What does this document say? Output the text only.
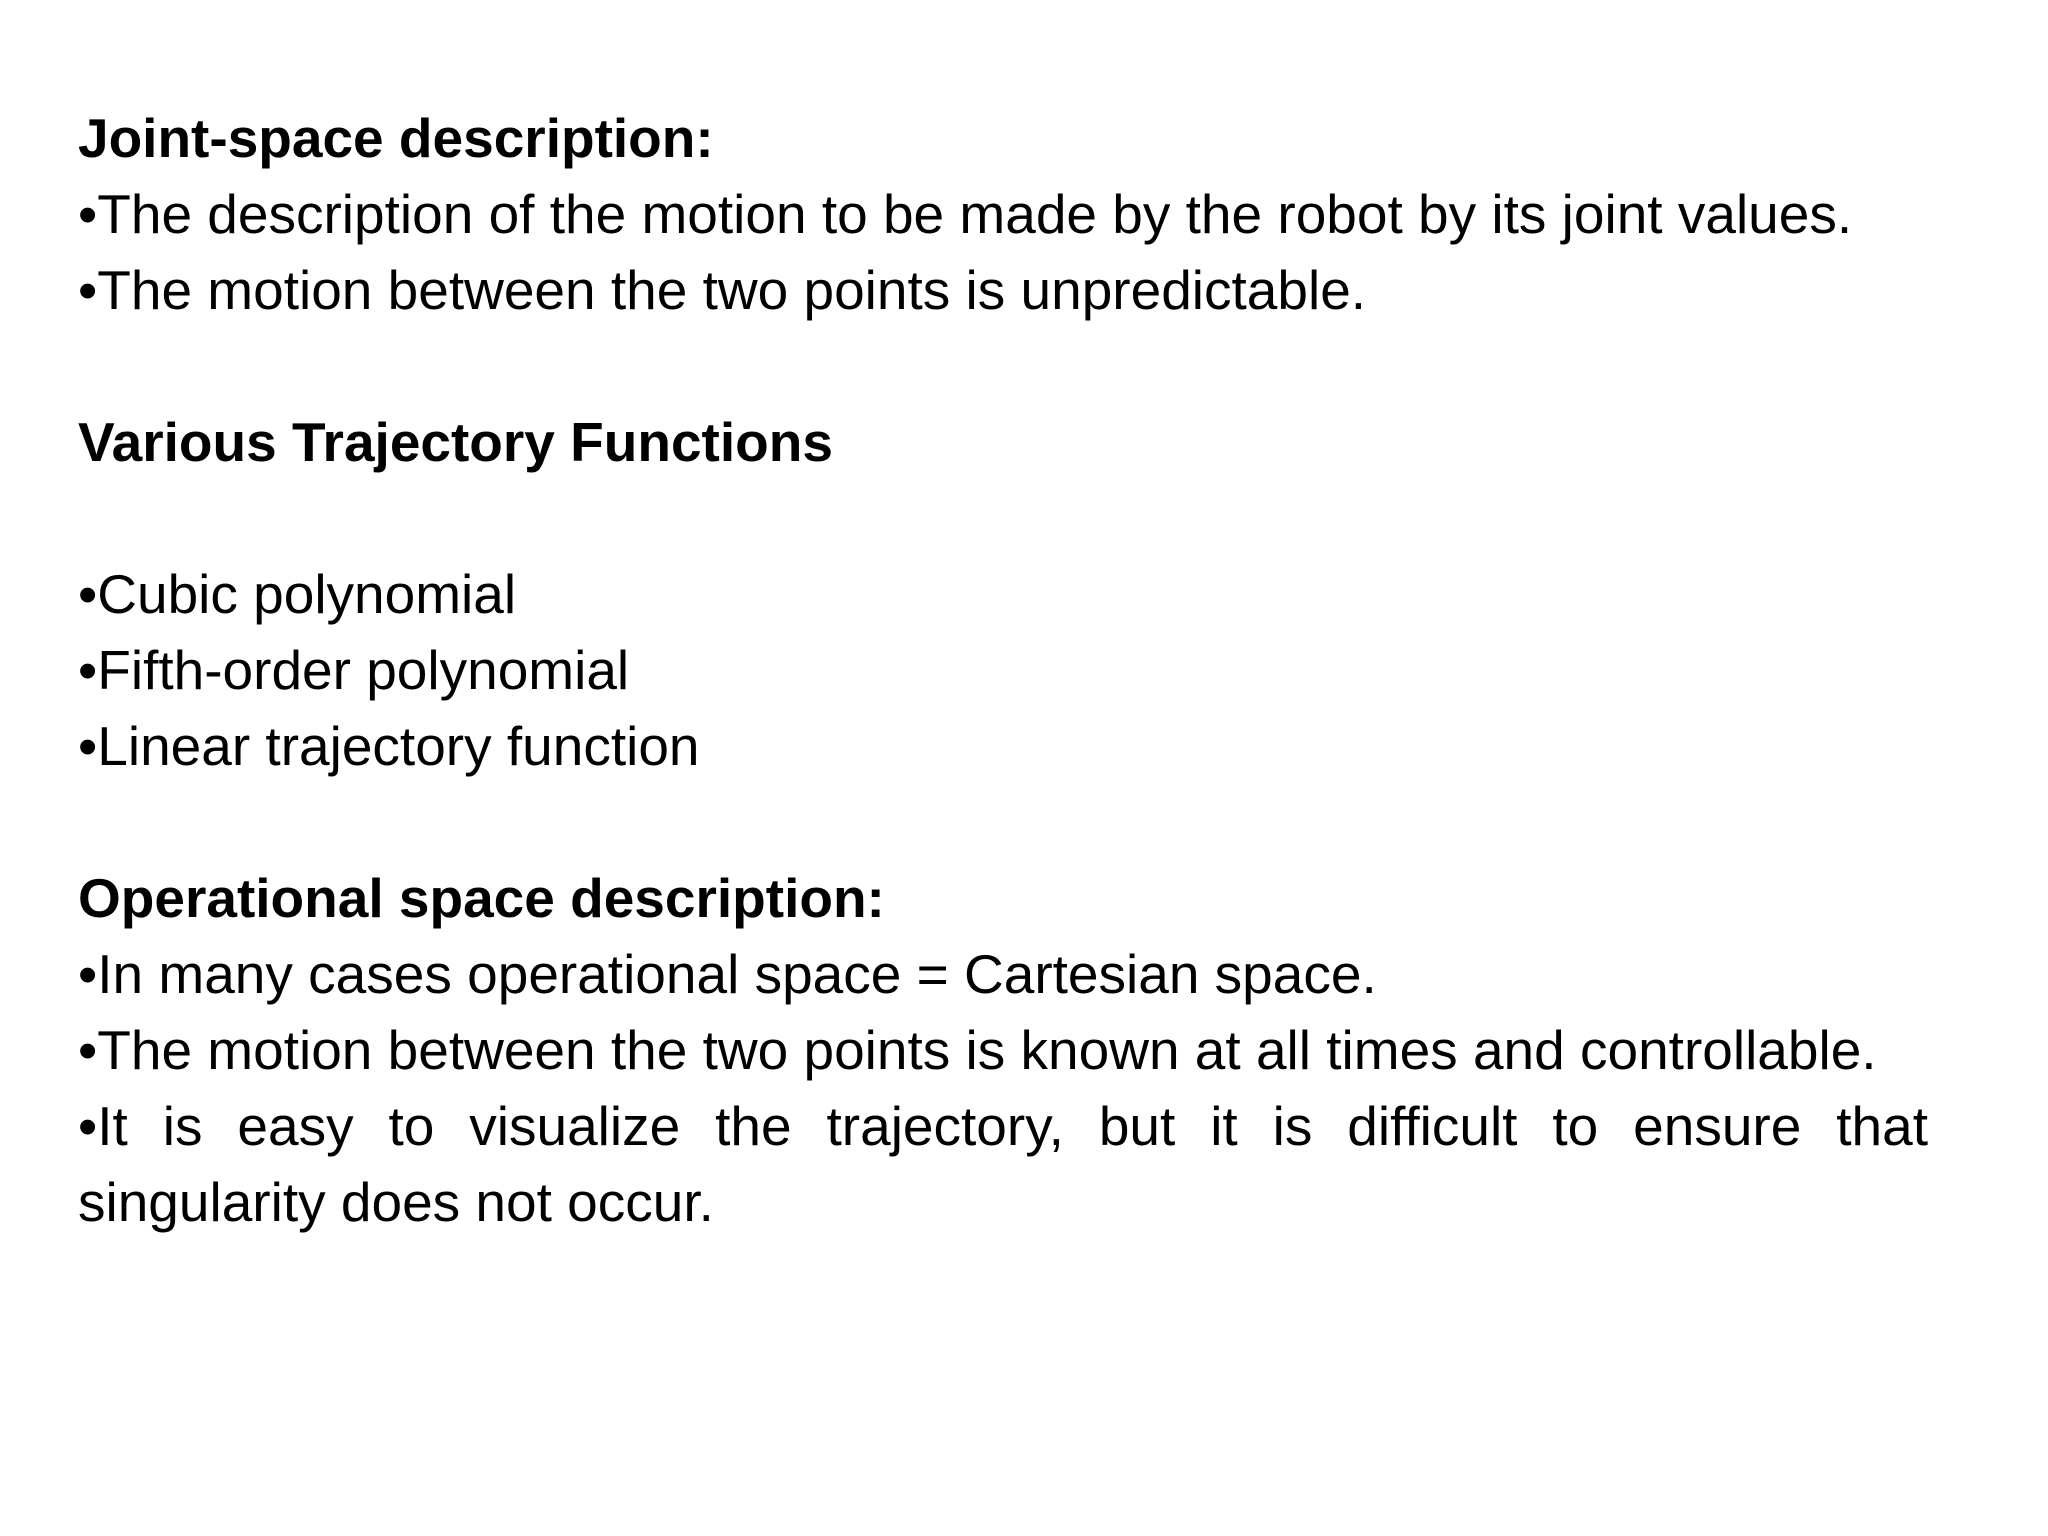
Joint-space description:

•The description of the motion to be made by the robot by its joint values.

•The motion between the two points is unpredictable.

Various Trajectory Functions

•Cubic polynomial

•Fifth-order polynomial

•Linear trajectory function

Operational space description:

•In many cases operational space = Cartesian space.

•The motion between the two points is known at all times and controllable.

•It is easy to visualize the trajectory, but it is difficult to ensure that singularity does not occur.
